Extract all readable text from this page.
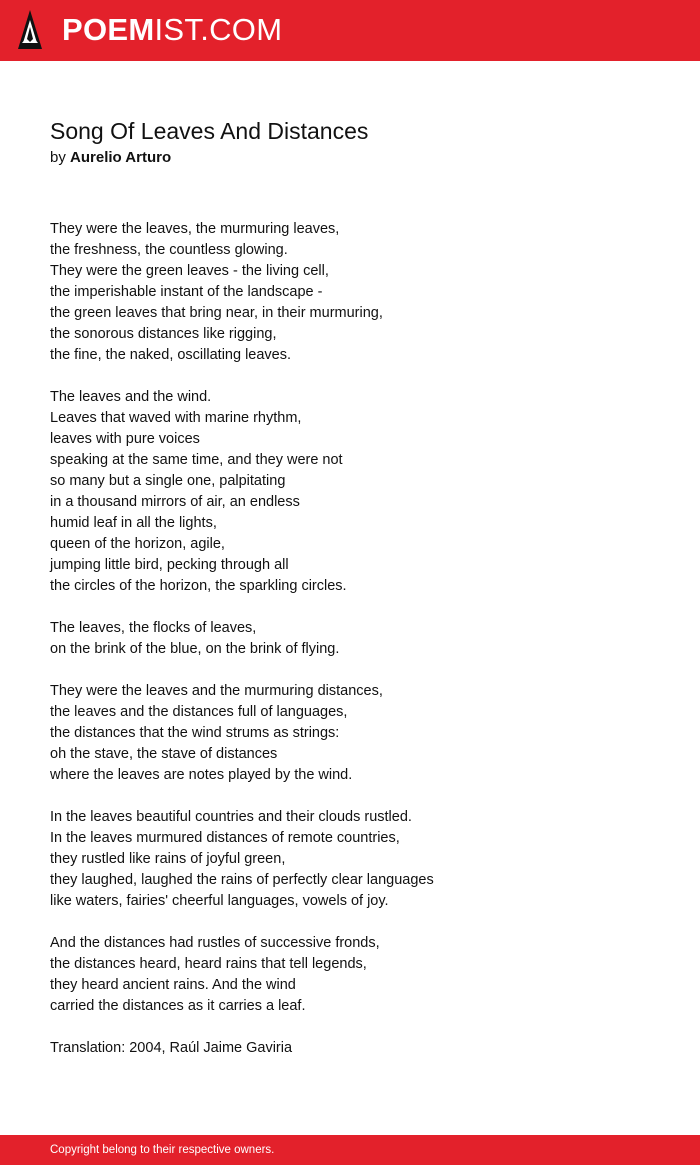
POEMIST.COM
Song Of Leaves And Distances
by Aurelio Arturo
They were the leaves, the murmuring leaves,
the freshness, the countless glowing.
They were the green leaves - the living cell,
the imperishable instant of the landscape -
the green leaves that bring near, in their murmuring,
the sonorous distances like rigging,
the fine, the naked, oscillating leaves.
The leaves and the wind.
Leaves that waved with marine rhythm,
leaves with pure voices
speaking at the same time, and they were not
so many but a single one, palpitating
in a thousand mirrors of air, an endless
humid leaf in all the lights,
queen of the horizon, agile,
jumping little bird, pecking through all
the circles of the horizon, the sparkling circles.
The leaves, the flocks of leaves,
on the brink of the blue, on the brink of flying.
They were the leaves and the murmuring distances,
the leaves and the distances full of languages,
the distances that the wind strums as strings:
oh the stave, the stave of distances
where the leaves are notes played by the wind.
In the leaves beautiful countries and their clouds rustled.
In the leaves murmured distances of remote countries,
they rustled like rains of joyful green,
they laughed, laughed the rains of perfectly clear languages
like waters, fairies' cheerful languages, vowels of joy.
And the distances had rustles of successive fronds,
the distances heard, heard rains that tell legends,
they heard ancient rains. And the wind
carried the distances as it carries a leaf.
Translation: 2004, Raúl Jaime Gaviria
Copyright belong to their respective owners.
